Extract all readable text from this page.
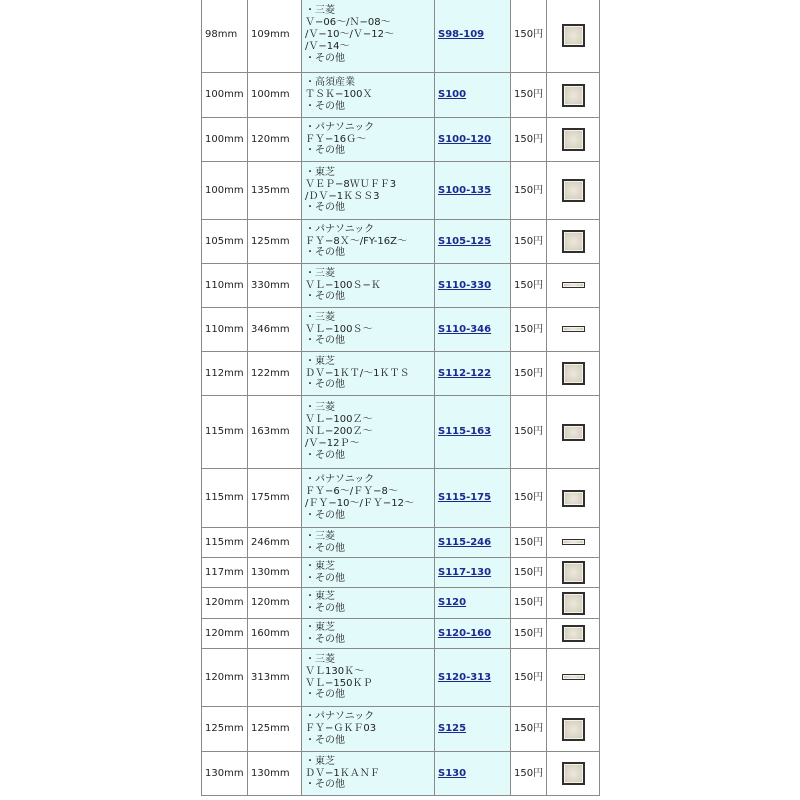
98mm	109mm	・三菱
Ｖ−06〜/Ｎ−08〜
/Ｖ−10〜/Ｖ−12〜
/Ｖ−14〜
・その他	S98-109	150円	
100mm	100mm	・高須産業
ＴＳＫ−100Ｘ
・その他	S100	150円	
100mm	120mm	・パナソニック
ＦＹ−16Ｇ〜
・その他	S100-120	150円	
100mm	135mm	・東芝
ＶＥＰ−8ＷＵＦＦ3
/ＤＶ−1ＫＳＳ3
・その他	S100-135	150円	
105mm	125mm	・パナソニック
ＦＹ−8Ｘ〜/FY-16Z〜
・その他	S105-125	150円	
110mm	330mm	・三菱
ＶＬ−100Ｓ−Ｋ
・その他	S110-330	150円	
110mm	346mm	・三菱
ＶＬ−100Ｓ〜
・その他	S110-346	150円	
112mm	122mm	・東芝
ＤＶ−1ＫＴ/〜1ＫＴＳ
・その他	S112-122	150円	
115mm	163mm	・三菱
ＶＬ−100Ｚ〜
ＮＬ−200Ｚ〜
/Ｖ−12Ｐ〜
・その他	S115-163	150円	
115mm	175mm	・パナソニック
ＦＹ−6〜/ＦＹ−8〜
/ＦＹ−10〜/ＦＹ−12〜
・その他	S115-175	150円	
115mm	246mm	・三菱
・その他	S115-246	150円	
117mm	130mm	・東芝
・その他	S117-130	150円	
120mm	120mm	・東芝
・その他	S120	150円	
120mm	160mm	・東芝
・その他	S120-160	150円	
120mm	313mm	・三菱
ＶＬ130Ｋ〜
ＶＬ−150ＫＰ
・その他	S120-313	150円	
125mm	125mm	・パナソニック
ＦＹ−ＧＫＦ03
・その他	S125	150円	
130mm	130mm	・東芝
ＤＶ−1ＫＡＮＦ
・その他	S130	150円	
